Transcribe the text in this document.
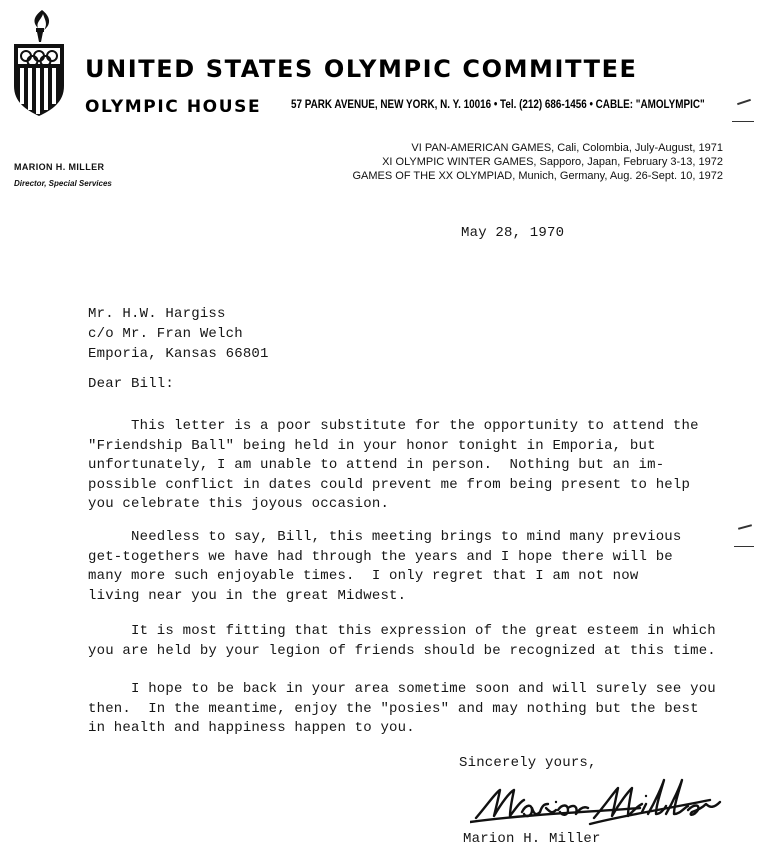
UNITED STATES OLYMPIC COMMITTEE
OLYMPIC HOUSE	57 PARK AVENUE, NEW YORK, N. Y. 10016 • Tel. (212) 686-1456 • CABLE: "AMOLYMPIC"
MARION H. MILLER
Director, Special Services
VI PAN-AMERICAN GAMES, Cali, Colombia, July-August, 1971
XI OLYMPIC WINTER GAMES, Sapporo, Japan, February 3-13, 1972
GAMES OF THE XX OLYMPIAD, Munich, Germany, Aug. 26-Sept. 10, 1972
May 28, 1970
Mr. H.W. Hargiss
c/o Mr. Fran Welch
Emporia, Kansas 66801
Dear Bill:
This letter is a poor substitute for the opportunity to attend the
"Friendship Ball" being held in your honor tonight in Emporia, but
unfortunately, I am unable to attend in person.  Nothing but an im-
possible conflict in dates could prevent me from being present to help
you celebrate this joyous occasion.
Needless to say, Bill, this meeting brings to mind many previous
get-togethers we have had through the years and I hope there will be
many more such enjoyable times.  I only regret that I am not now
living near you in the great Midwest.
It is most fitting that this expression of the great esteem in which
you are held by your legion of friends should be recognized at this time.
I hope to be back in your area sometime soon and will surely see you
then.  In the meantime, enjoy the "posies" and may nothing but the best
in health and happiness happen to you.
Sincerely yours,
Marion H. Miller
